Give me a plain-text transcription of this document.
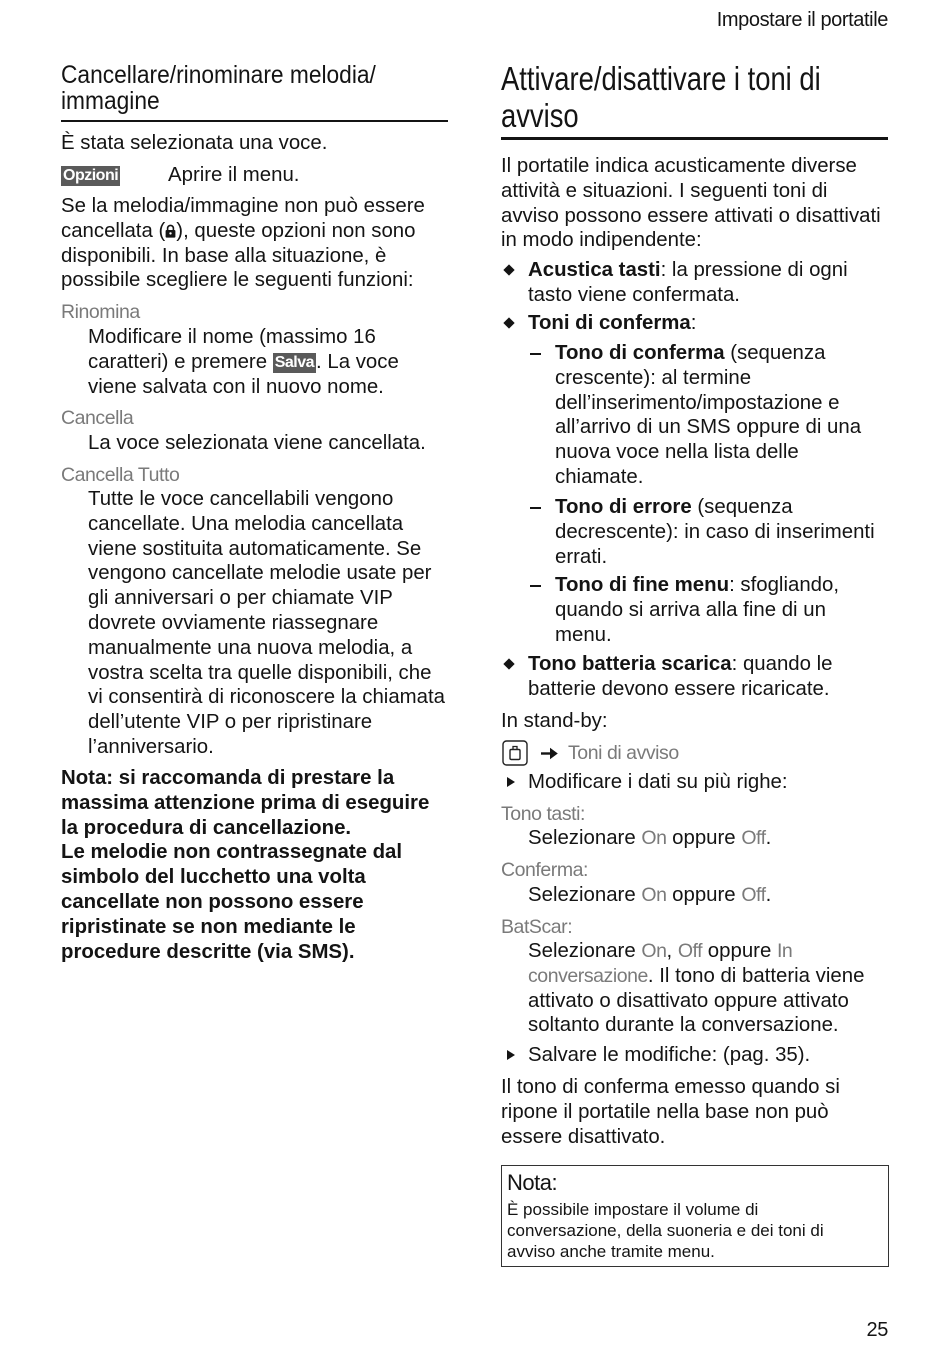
Impostare il portatile
Cancellare/rinominare melodia/
immagine
È stata selezionata una voce.
Opzioni Aprire il menu.
Se la melodia/immagine non può essere
cancellata ( ), queste opzioni non sono
disponibili. In base alla situazione, è
possibile scegliere le seguenti funzioni:
Rinomina
Modificare il nome (massimo 16
caratteri) e premere Salva. La voce
viene salvata con il nuovo nome.
Cancella
La voce selezionata viene cancellata.
Cancella Tutto
Tutte le voce cancellabili vengono
cancellate. Una melodia cancellata
viene sostituita automaticamente. Se
vengono cancellate melodie usate per
gli anniversari o per chiamate VIP
dovrete ovviamente riassegnare
manualmente una nuova melodia, a
vostra scelta tra quelle disponibili, che
vi consentirà di riconoscere la chiamata
dell’utente VIP o per ripristinare
l’anniversario.
Nota: si raccomanda di prestare la
massima attenzione prima di eseguire
la procedura di cancellazione.
Le melodie non contrassegnate dal
simbolo del lucchetto una volta
cancellate non possono essere
ripristinate se non mediante le
procedure descritte (via SMS).
Attivare/disattivare i toni di
avviso
Il portatile indica acusticamente diverse
attività e situazioni. I seguenti toni di
avviso possono essere attivati o disattivati
in modo indipendente:
Acustica tasti: la pressione di ogni
tasto viene confermata.
Toni di conferma:
Tono di conferma (sequenza
crescente): al termine
dell’inserimento/impostazione e
all’arrivo di un SMS oppure di una
nuova voce nella lista delle
chiamate.
Tono di errore (sequenza
decrescente): in caso di inserimenti
errati.
Tono di fine menu: sfogliando,
quando si arriva alla fine di un
menu.
Tono batteria scarica: quando le
batterie devono essere ricaricate.
In stand-by:
Toni di avviso
Modificare i dati su più righe:
Tono tasti:
Selezionare On oppure Off.
Conferma:
Selezionare On oppure Off.
BatScar:
Selezionare On, Off oppure In
conversazione. Il tono di batteria viene
attivato o disattivato oppure attivato
soltanto durante la conversazione.
Salvare le modifiche: (pag. 35).
Il tono di conferma emesso quando si
ripone il portatile nella base non può
essere disattivato.
Nota:
È possibile impostare il volume di
conversazione, della suoneria e dei toni di
avviso anche tramite menu.
25
